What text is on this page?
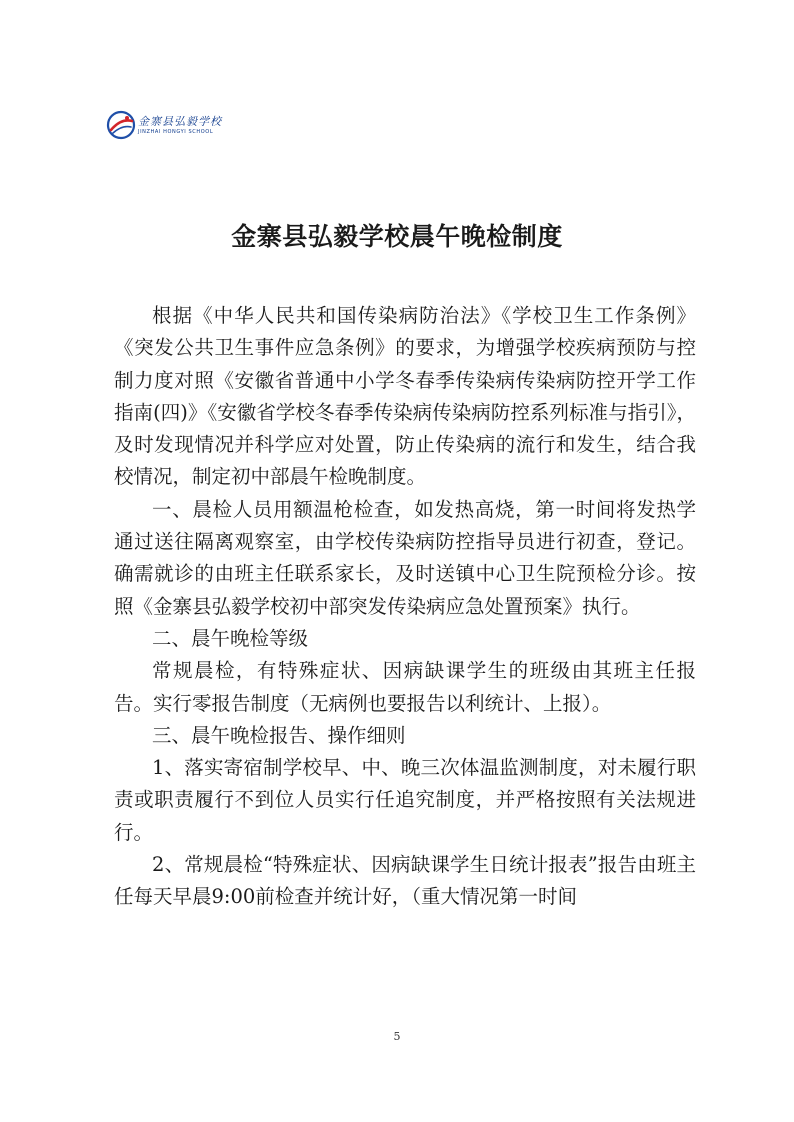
金寨县弘毅学校
JINZHAI HONGYI SCHOOL
金寨县弘毅学校晨午晚检制度

根据《中华人民共和国传染病防治法》《学校卫生工作条例》《突发公共卫生事件应急条例》的要求，为增强学校疾病预防与控制力度对照《安徽省普通中小学冬春季传染病传染病防控开学工作指南(四)》《安徽省学校冬春季传染病传染病防控系列标准与指引》，及时发现情况并科学应对处置，防止传染病的流行和发生，结合我校情况，制定初中部晨午检晚制度。

一、晨检人员用额温枪检查，如发热高烧，第一时间将发热学通过送往隔离观察室，由学校传染病防控指导员进行初查，登记。确需就诊的由班主任联系家长，及时送镇中心卫生院预检分诊。按照《金寨县弘毅学校初中部突发传染病应急处置预案》执行。

二、晨午晚检等级

常规晨检，有特殊症状、因病缺课学生的班级由其班主任报告。实行零报告制度（无病例也要报告以利统计、上报）。

三、晨午晚检报告、操作细则

1、落实寄宿制学校早、中、晚三次体温监测制度，对未履行职责或职责履行不到位人员实行任追究制度，并严格按照有关法规进行。

2、常规晨检“特殊症状、因病缺课学生日统计报表”报告由班主任每天早晨9:00前检查并统计好，（重大情况第一时间

5
